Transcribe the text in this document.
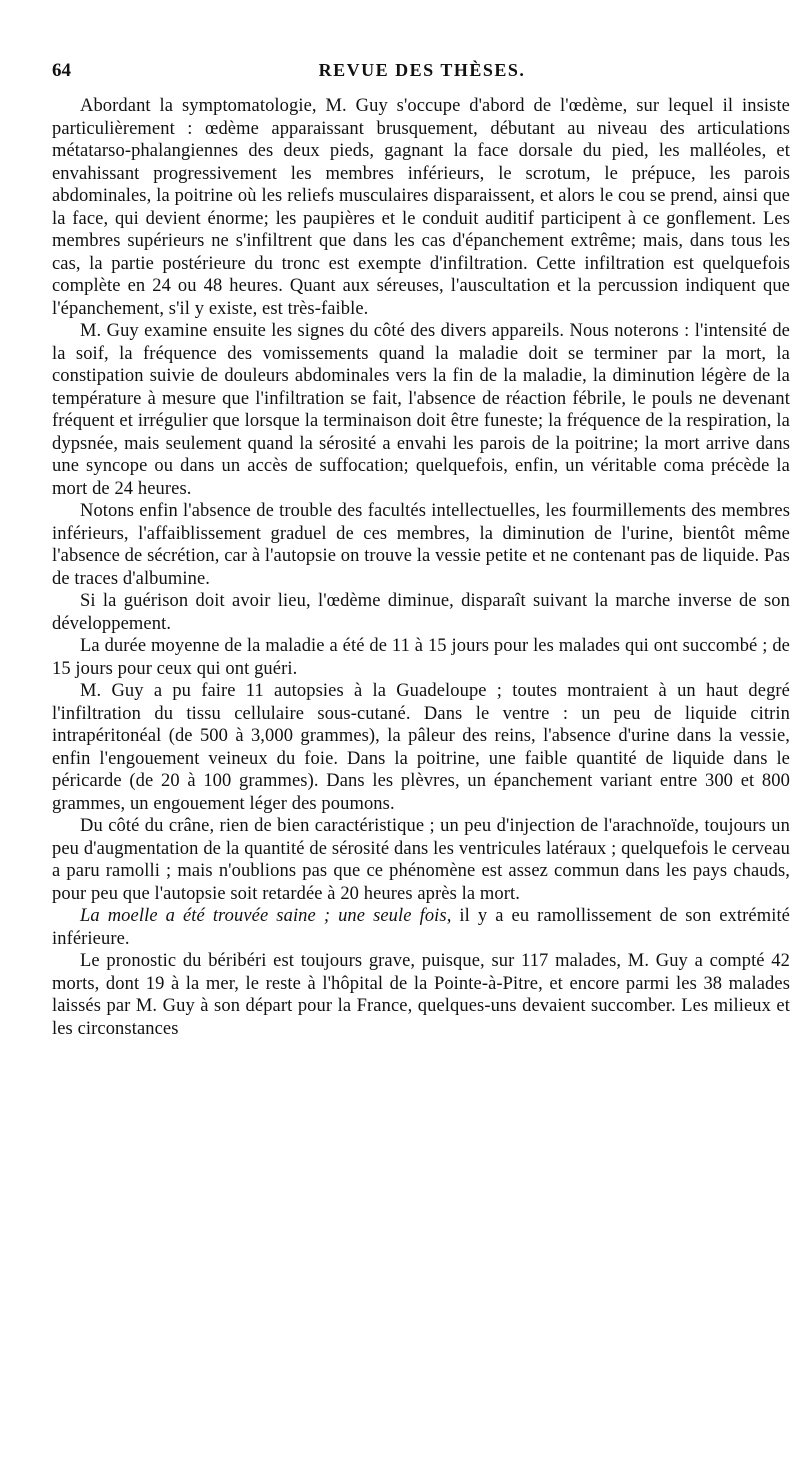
64	REVUE DES THÈSES.

Abordant la symptomatologie, M. Guy s'occupe d'abord de l'œdème, sur lequel il insiste particulièrement : œdème apparaissant brusquement, débutant au niveau des articulations métatarso-phalangiennes des deux pieds, gagnant la face dorsale du pied, les malléoles, et envahissant progressivement les membres inférieurs, le scrotum, le prépuce, les parois abdominales, la poitrine où les reliefs musculaires disparaissent, et alors le cou se prend, ainsi que la face, qui devient énorme; les paupières et le conduit auditif participent à ce gonflement. Les membres supérieurs ne s'infiltrent que dans les cas d'épanchement extrême; mais, dans tous les cas, la partie postérieure du tronc est exempte d'infiltration. Cette infiltration est quelquefois complète en 24 ou 48 heures. Quant aux séreuses, l'auscultation et la percussion indiquent que l'épanchement, s'il y existe, est très-faible.

M. Guy examine ensuite les signes du côté des divers appareils. Nous noterons : l'intensité de la soif, la fréquence des vomissements quand la maladie doit se terminer par la mort, la constipation suivie de douleurs abdominales vers la fin de la maladie, la diminution légère de la température à mesure que l'infiltration se fait, l'absence de réaction fébrile, le pouls ne devenant fréquent et irrégulier que lorsque la terminaison doit être funeste; la fréquence de la respiration, la dypsnée, mais seulement quand la sérosité a envahi les parois de la poitrine; la mort arrive dans une syncope ou dans un accès de suffocation; quelquefois, enfin, un véritable coma précède la mort de 24 heures.

Notons enfin l'absence de trouble des facultés intellectuelles, les fourmillements des membres inférieurs, l'affaiblissement graduel de ces membres, la diminution de l'urine, bientôt même l'absence de sécrétion, car à l'autopsie on trouve la vessie petite et ne contenant pas de liquide. Pas de traces d'albumine.

Si la guérison doit avoir lieu, l'œdème diminue, disparaît suivant la marche inverse de son développement.

La durée moyenne de la maladie a été de 11 à 15 jours pour les malades qui ont succombé ; de 15 jours pour ceux qui ont guéri.

M. Guy a pu faire 11 autopsies à la Guadeloupe ; toutes montraient à un haut degré l'infiltration du tissu cellulaire sous-cutané. Dans le ventre : un peu de liquide citrin intrapéritonéal (de 500 à 3,000 grammes), la pâleur des reins, l'absence d'urine dans la vessie, enfin l'engouement veineux du foie. Dans la poitrine, une faible quantité de liquide dans le péricarde (de 20 à 100 grammes). Dans les plèvres, un épanchement variant entre 300 et 800 grammes, un engouement léger des poumons.

Du côté du crâne, rien de bien caractéristique ; un peu d'injection de l'arachnoïde, toujours un peu d'augmentation de la quantité de sérosité dans les ventricules latéraux ; quelquefois le cerveau a paru ramolli ; mais n'oublions pas que ce phénomène est assez commun dans les pays chauds, pour peu que l'autopsie soit retardée à 20 heures après la mort.

La moelle a été trouvée saine ; une seule fois, il y a eu ramollissement de son extrémité inférieure.

Le pronostic du béribéri est toujours grave, puisque, sur 117 malades, M. Guy a compté 42 morts, dont 19 à la mer, le reste à l'hôpital de la Pointe-à-Pitre, et encore parmi les 38 malades laissés par M. Guy à son départ pour la France, quelques-uns devaient succomber. Les milieux et les circonstances
